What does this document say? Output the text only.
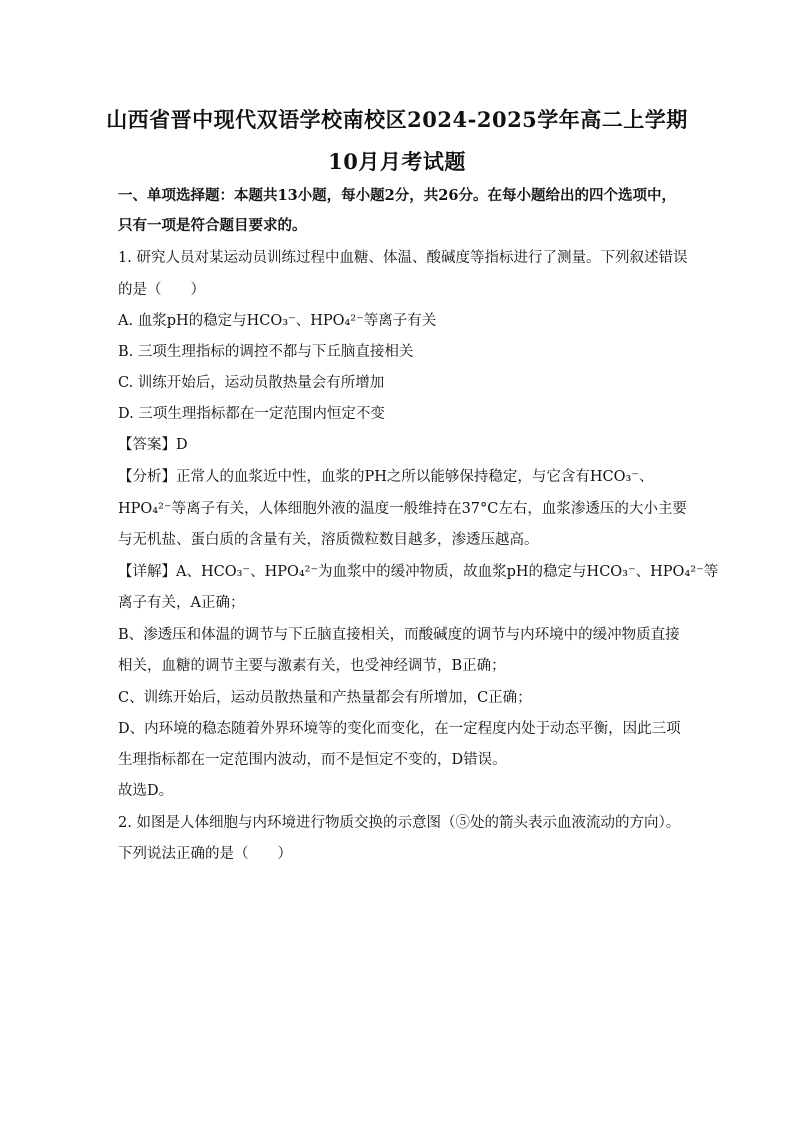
山西省晋中现代双语学校南校区2024-2025学年高二上学期
10月月考试题
一、单项选择题：本题共13小题，每小题2分，共26分。在每小题给出的四个选项中，
只有一项是符合题目要求的。
1. 研究人员对某运动员训练过程中血糖、体温、酸碱度等指标进行了测量。下列叙述错误
的是（　　）
A. 血浆pH的稳定与HCO₃⁻、HPO₄²⁻等离子有关
B. 三项生理指标的调控不都与下丘脑直接相关
C. 训练开始后，运动员散热量会有所增加
D. 三项生理指标都在一定范围内恒定不变
【答案】D
【分析】正常人的血浆近中性，血浆的PH之所以能够保持稳定，与它含有HCO₃⁻、
HPO₄²⁻等离子有关，人体细胞外液的温度一般维持在37°C左右，血浆渗透压的大小主要
与无机盐、蛋白质的含量有关，溶质微粒数目越多，渗透压越高。
【详解】A、HCO₃⁻、HPO₄²⁻为血浆中的缓冲物质，故血浆pH的稳定与HCO₃⁻、HPO₄²⁻等
离子有关，A正确；
B、渗透压和体温的调节与下丘脑直接相关，而酸碱度的调节与内环境中的缓冲物质直接
相关，血糖的调节主要与激素有关，也受神经调节，B正确；
C、训练开始后，运动员散热量和产热量都会有所增加，C正确；
D、内环境的稳态随着外界环境等的变化而变化，在一定程度内处于动态平衡，因此三项
生理指标都在一定范围内波动，而不是恒定不变的，D错误。
故选D。
2. 如图是人体细胞与内环境进行物质交换的示意图（⑤处的箭头表示血液流动的方向）。
下列说法正确的是（　　）
